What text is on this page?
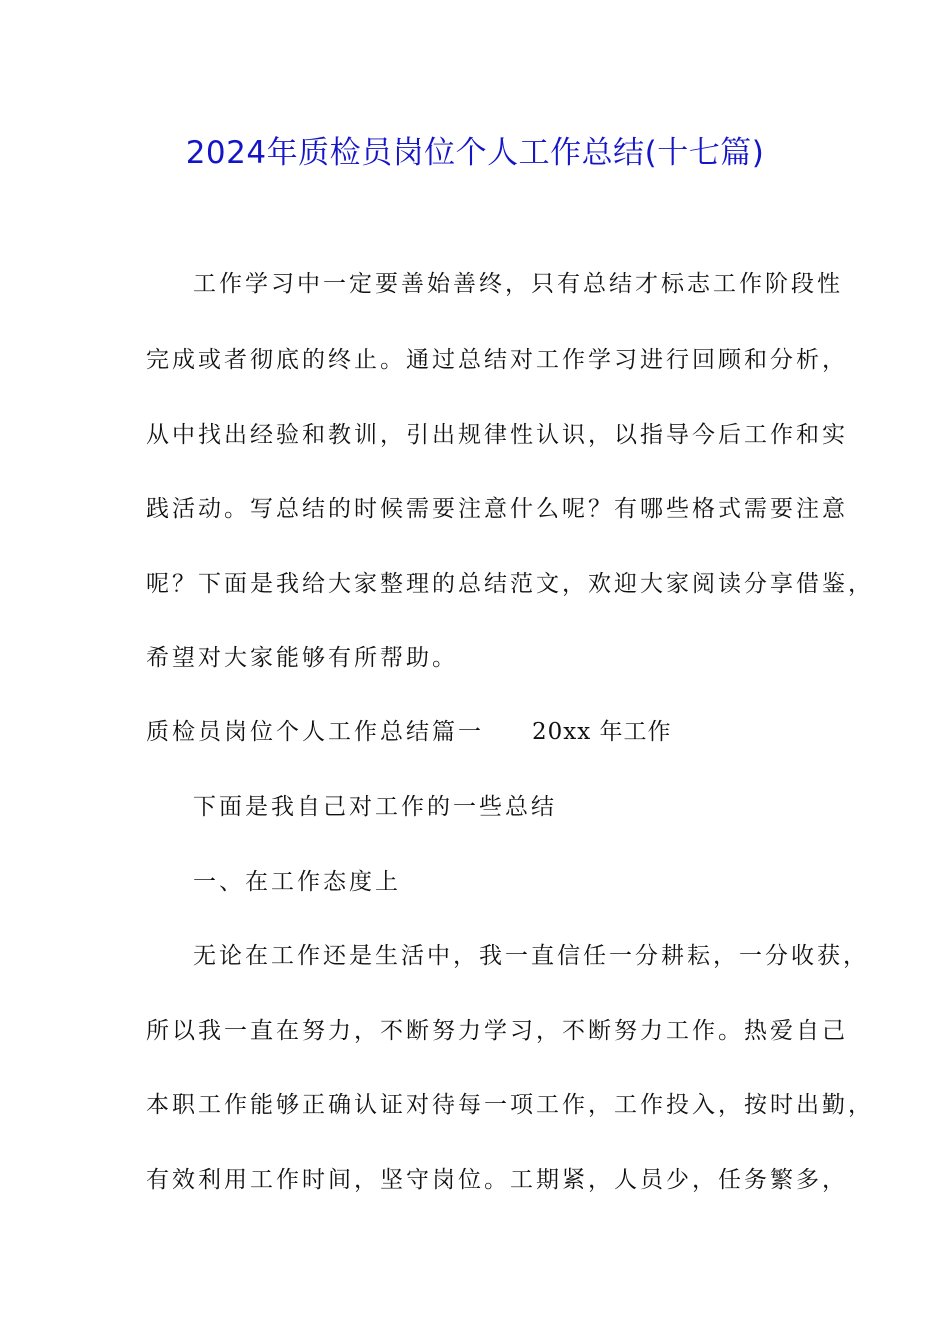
2024年质检员岗位个人工作总结(十七篇)
工作学习中一定要善始善终，只有总结才标志工作阶段性
完成或者彻底的终止。通过总结对工作学习进行回顾和分析，
从中找出经验和教训，引出规律性认识，以指导今后工作和实
践活动。写总结的时候需要注意什么呢？有哪些格式需要注意
呢？下面是我给大家整理的总结范文，欢迎大家阅读分享借鉴，
希望对大家能够有所帮助。
质检员岗位个人工作总结篇一 20xx 年工作
下面是我自己对工作的一些总结
一、在工作态度上
无论在工作还是生活中，我一直信任一分耕耘，一分收获，
所以我一直在努力，不断努力学习，不断努力工作。热爱自己
本职工作能够正确认证对待每一项工作，工作投入，按时出勤，
有效利用工作时间，坚守岗位。工期紧，人员少，任务繁多，
